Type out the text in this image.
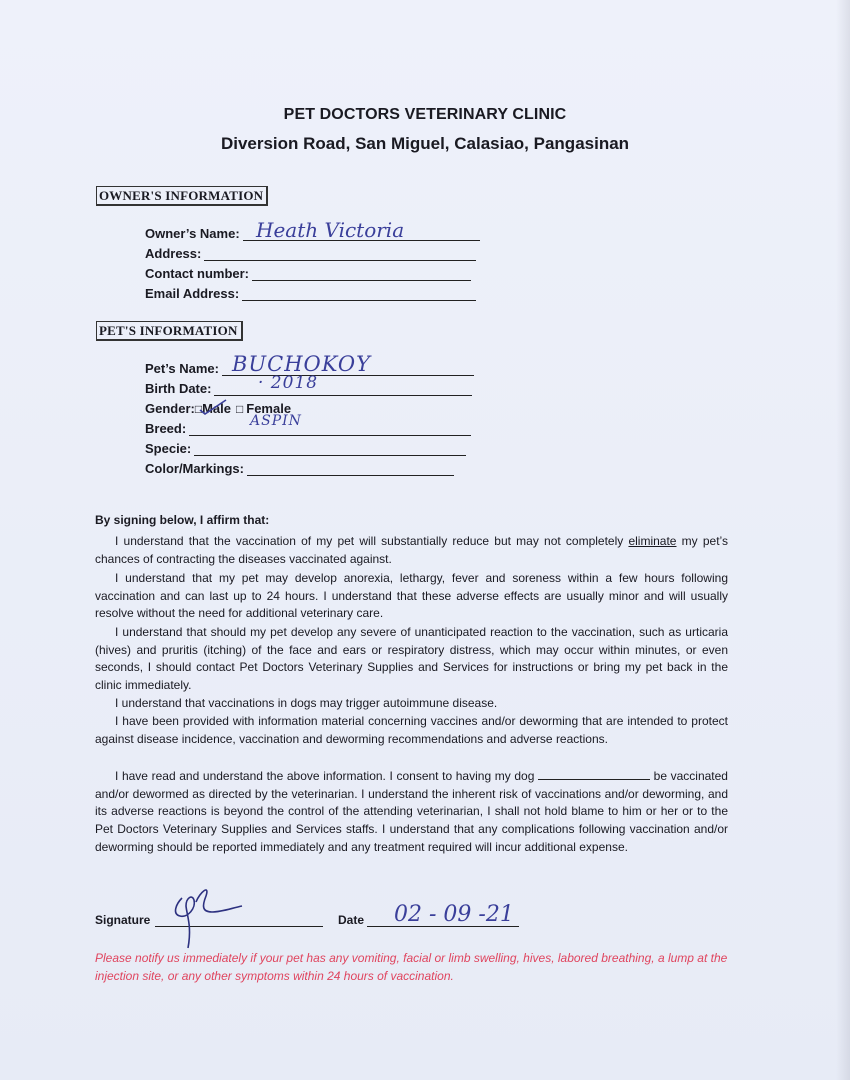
PET DOCTORS VETERINARY CLINIC
Diversion Road, San Miguel, Calasiao, Pangasinan
OWNER'S INFORMATION
Owner’s Name: Heath Victoria
Address:
Contact number:
Email Address:
PET'S INFORMATION
Pet’s Name: BUCHOKOY
Birth Date:	· 2018
Gender: □ Male □ Female
Breed:	ASPIN
Specie:
Color/Markings:
By signing below, I affirm that:

I understand that the vaccination of my pet will substantially reduce but may not completely eliminate my pet’s chances of contracting the diseases vaccinated against.

I understand that my pet may develop anorexia, lethargy, fever and soreness within a few hours following vaccination and can last up to 24 hours. I understand that these adverse effects are usually minor and will usually resolve without the need for additional veterinary care.

I understand that should my pet develop any severe of unanticipated reaction to the vaccination, such as urticaria (hives) and pruritis (itching) of the face and ears or respiratory distress, which may occur within minutes, or even seconds, I should contact Pet Doctors Veterinary Supplies and Services for instructions or bring my pet back in the clinic immediately.

I understand that vaccinations in dogs may trigger autoimmune disease.

I have been provided with information material concerning vaccines and/or deworming that are intended to protect against disease incidence, vaccination and deworming recommendations and adverse reactions.

I have read and understand the above information. I consent to having my dog	be vaccinated and/or dewormed as directed by the veterinarian. I understand the inherent risk of vaccinations and/or deworming, and its adverse reactions is beyond the control of the attending veterinarian, I shall not hold blame to him or her or to the Pet Doctors Veterinary Supplies and Services staffs. I understand that any complications following vaccination and/or deworming should be reported immediately and any treatment required will incur additional expense.

Signature	Date 02 - 09 -21
Please notify us immediately if your pet has any vomiting, facial or limb swelling, hives, labored breathing, a lump at the injection site, or any other symptoms within 24 hours of vaccination.
